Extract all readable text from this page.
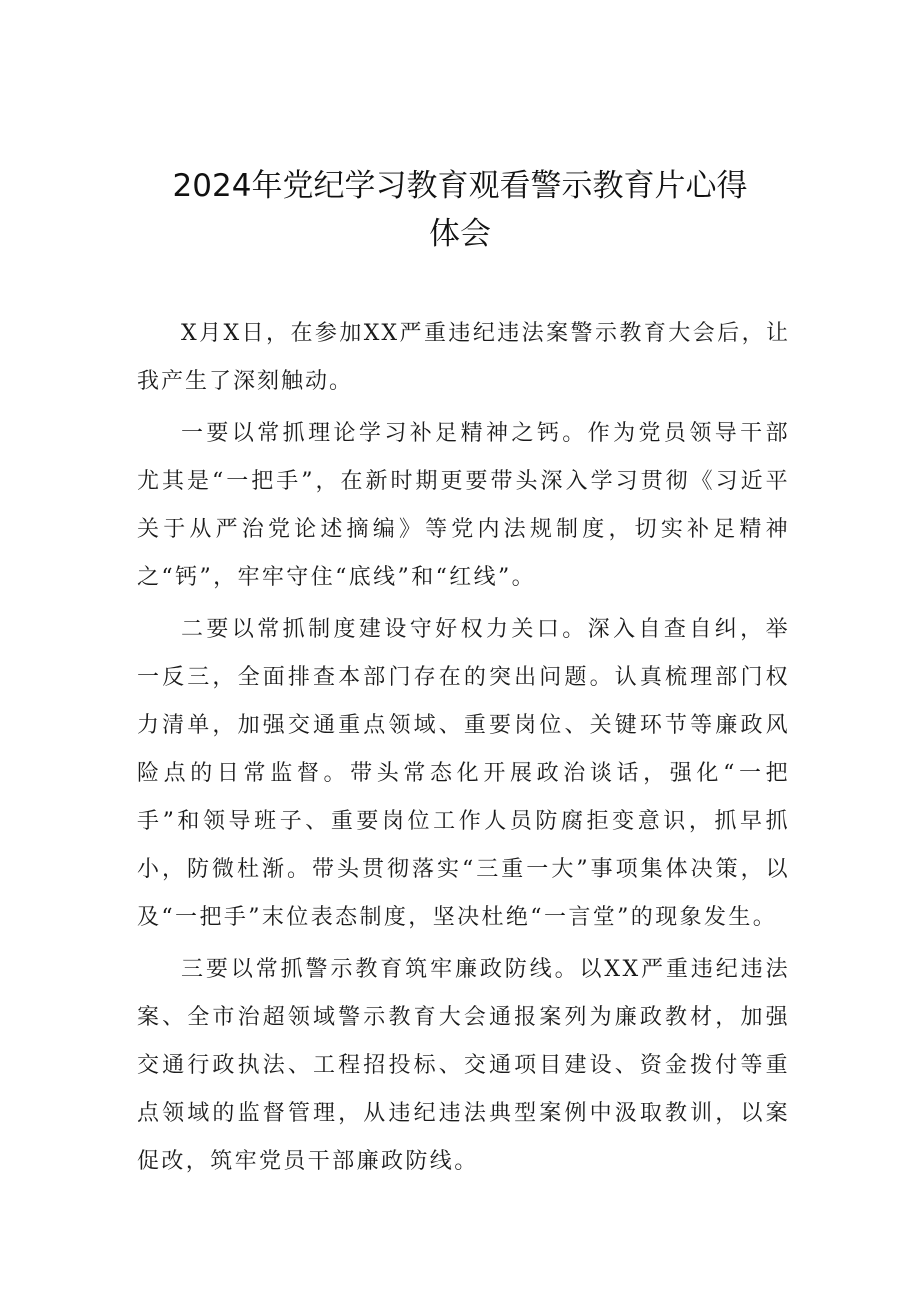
2024年党纪学习教育观看警示教育片心得
体会

X月X日，在参加XX严重违纪违法案警示教育大会后，让我产生了深刻触动。

一要以常抓理论学习补足精神之钙。作为党员领导干部尤其是“一把手”，在新时期更要带头深入学习贯彻《习近平关于从严治党论述摘编》等党内法规制度，切实补足精神之“钙”，牢牢守住“底线”和“红线”。

二要以常抓制度建设守好权力关口。深入自查自纠，举一反三，全面排查本部门存在的突出问题。认真梳理部门权力清单，加强交通重点领域、重要岗位、关键环节等廉政风险点的日常监督。带头常态化开展政治谈话，强化“一把手”和领导班子、重要岗位工作人员防腐拒变意识，抓早抓小，防微杜渐。带头贯彻落实“三重一大”事项集体决策，以及“一把手”末位表态制度，坚决杜绝“一言堂”的现象发生。

三要以常抓警示教育筑牢廉政防线。以XX严重违纪违法案、全市治超领域警示教育大会通报案列为廉政教材，加强交通行政执法、工程招投标、交通项目建设、资金拨付等重点领域的监督管理，从违纪违法典型案例中汲取教训，以案促改，筑牢党员干部廉政防线。
